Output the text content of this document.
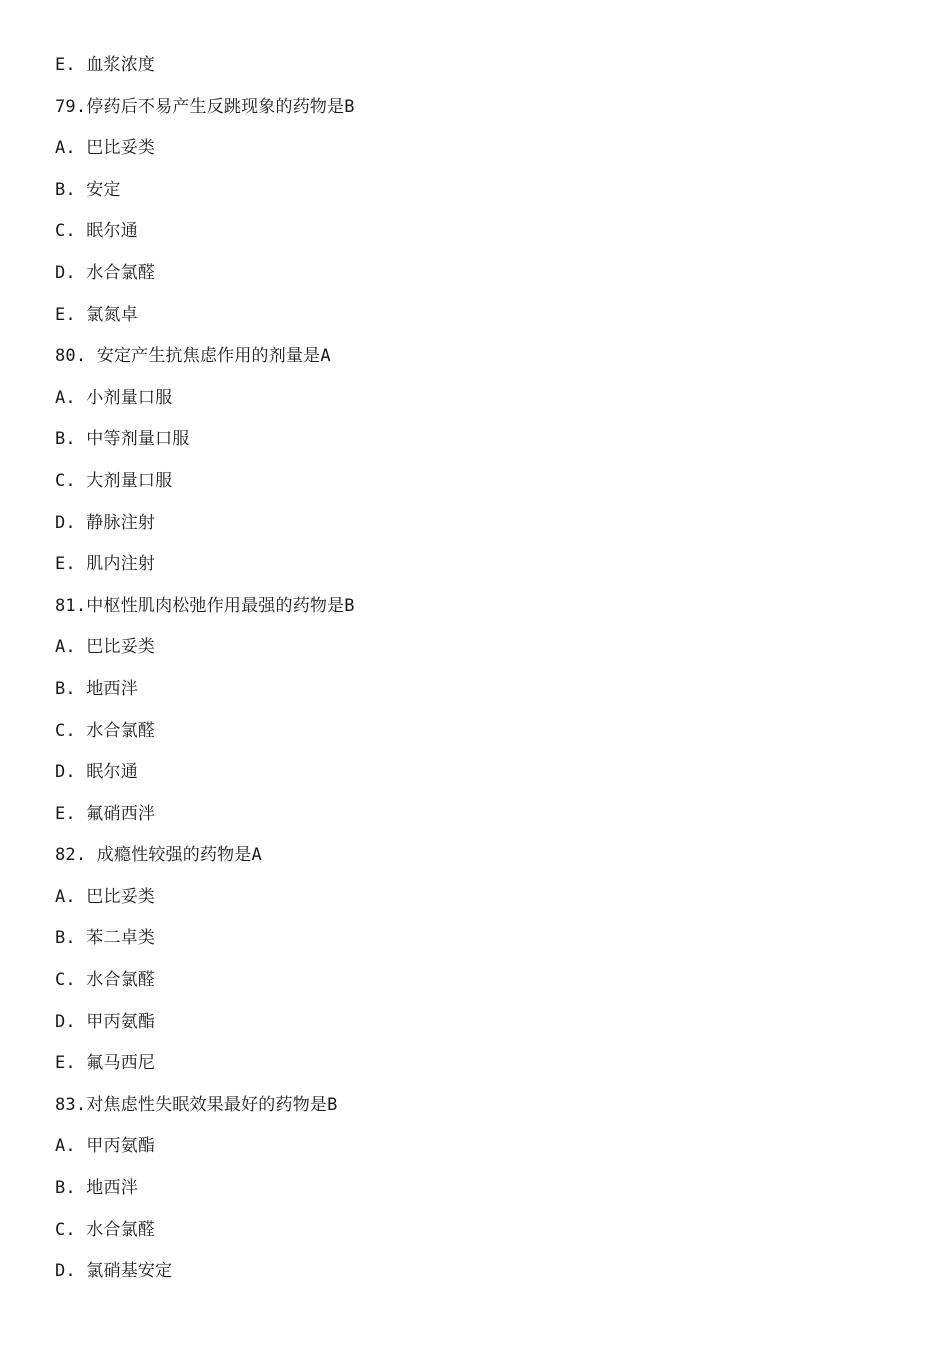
E. 血浆浓度
79.停药后不易产生反跳现象的药物是B
A. 巴比妥类
B. 安定
C. 眠尔通
D. 水合氯醛
E. 氯氮卓
80. 安定产生抗焦虑作用的剂量是A
A. 小剂量口服
B. 中等剂量口服
C. 大剂量口服
D. 静脉注射
E. 肌内注射
81.中枢性肌肉松弛作用最强的药物是B
A. 巴比妥类
B. 地西泮
C. 水合氯醛
D. 眠尔通
E. 氟硝西泮
82. 成瘾性较强的药物是A
A. 巴比妥类
B. 苯二卓类
C. 水合氯醛
D. 甲丙氨酯
E. 氟马西尼
83.对焦虑性失眠效果最好的药物是B
A. 甲丙氨酯
B. 地西泮
C. 水合氯醛
D. 氯硝基安定
